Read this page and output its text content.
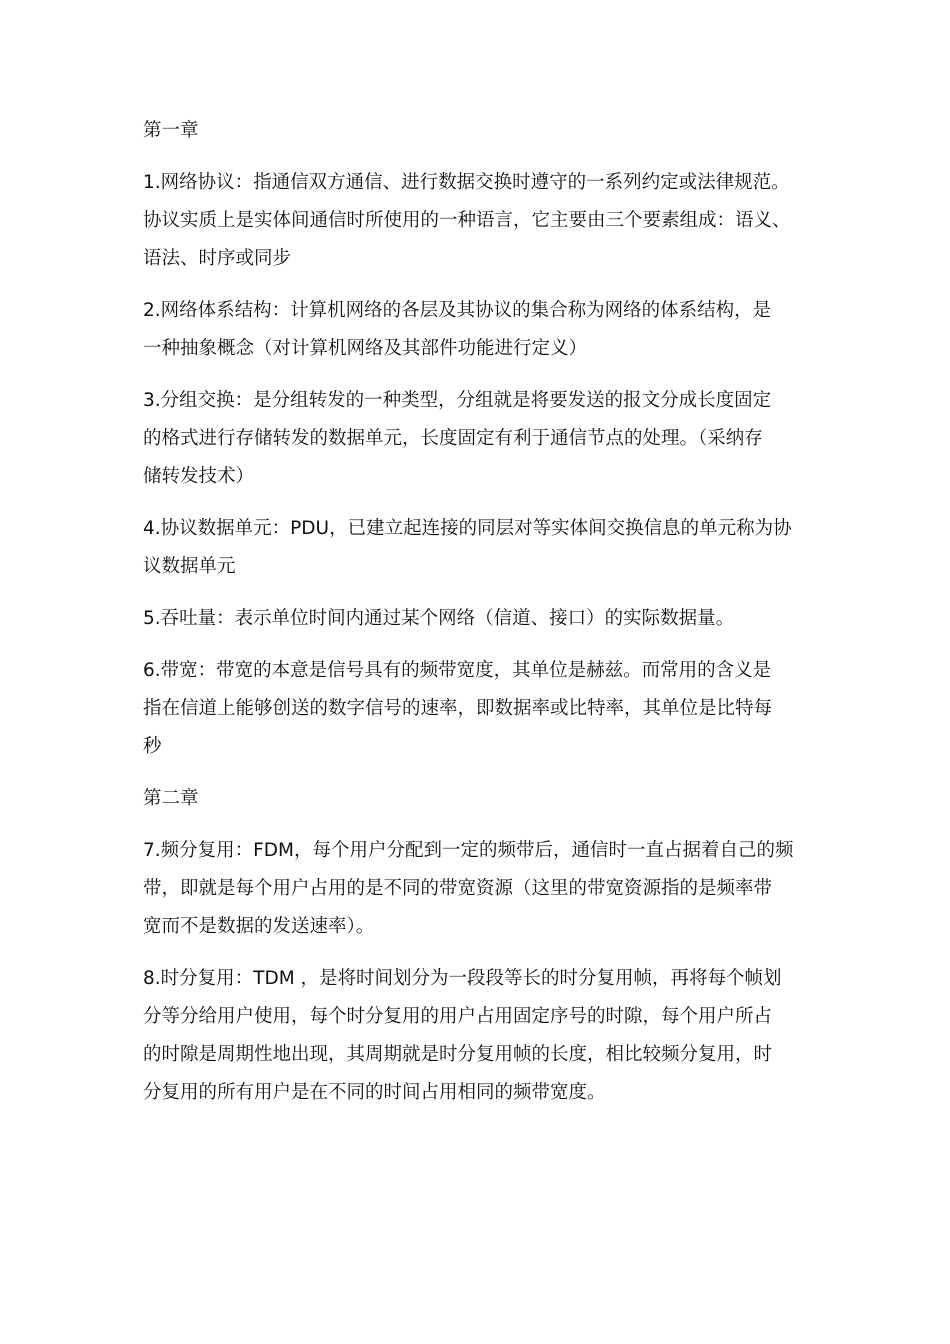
第一章
1.网络协议：指通信双方通信、进行数据交换时遵守的一系列约定或法律规范。
协议实质上是实体间通信时所使用的一种语言，它主要由三个要素组成：语义、
语法、时序或同步
2.网络体系结构：计算机网络的各层及其协议的集合称为网络的体系结构，是
一种抽象概念（对计算机网络及其部件功能进行定义）
3.分组交换：是分组转发的一种类型，分组就是将要发送的报文分成长度固定
的格式进行存储转发的数据单元，长度固定有利于通信节点的处理。（采纳存
储转发技术）
4.协议数据单元：PDU，已建立起连接的同层对等实体间交换信息的单元称为协
议数据单元
5.吞吐量：表示单位时间内通过某个网络（信道、接口）的实际数据量。
6.带宽：带宽的本意是信号具有的频带宽度，其单位是赫兹。而常用的含义是
指在信道上能够创送的数字信号的速率，即数据率或比特率，其单位是比特每
秒
第二章
7.频分复用：FDM，每个用户分配到一定的频带后，通信时一直占据着自己的频
带，即就是每个用户占用的是不同的带宽资源（这里的带宽资源指的是频率带
宽而不是数据的发送速率）。
8.时分复用：TDM ，是将时间划分为一段段等长的时分复用帧，再将每个帧划
分等分给用户使用，每个时分复用的用户占用固定序号的时隙，每个用户所占
的时隙是周期性地出现，其周期就是时分复用帧的长度，相比较频分复用，时
分复用的所有用户是在不同的时间占用相同的频带宽度。
